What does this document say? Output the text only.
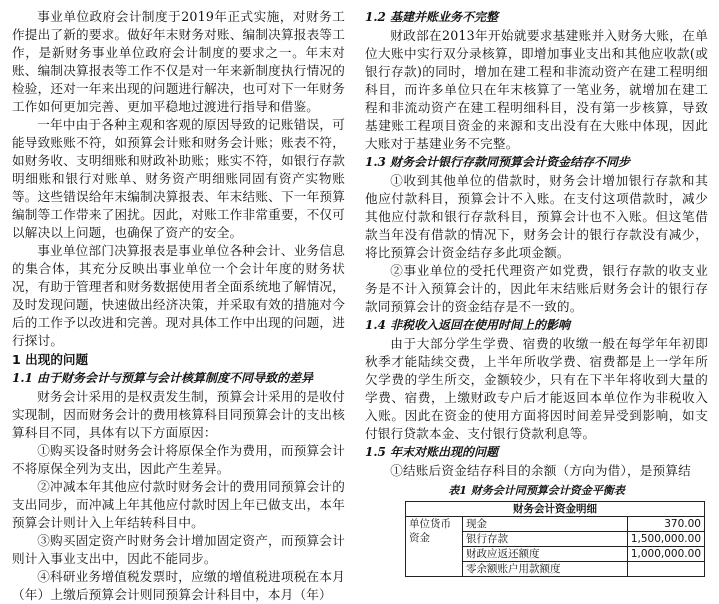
事业单位政府会计制度于2019年正式实施，对财务工作提出了新的要求。做好年末财务对账、编制决算报表等工作，是新财务事业单位政府会计制度的要求之一。年末对账、编制决算报表等工作不仅是对一年来新制度执行情况的检验，还对一年来出现的问题进行解决，也可对下一年财务工作如何更加完善、更加平稳地过渡进行指导和借鉴。

一年中由于各种主观和客观的原因导致的记账错误，可能导致账账不符，如预算会计账和财务会计账；账表不符，如财务收、支明细账和财政补助账；账实不符，如银行存款明细账和银行对账单、财务资产明细账同固有资产实物账等。这些错误给年末编制决算报表、年末结账、下一年预算编制等工作带来了困扰。因此，对账工作非常重要，不仅可以解决以上问题，也确保了资产的安全。

事业单位部门决算报表是事业单位各种会计、业务信息的集合体，其充分反映出事业单位一个会计年度的财务状况，有助于管理者和财务数据使用者全面系统地了解情况，及时发现问题，快速做出经济决策，并采取有效的措施对今后的工作予以改进和完善。现对具体工作中出现的问题，进行探讨。

1 出现的问题
1.1 由于财务会计与预算与会计核算制度不同导致的差异

财务会计采用的是权责发生制，预算会计采用的是收付实现制，因而财务会计的费用核算科目同预算会计的支出核算科目不同，具体有以下方面原因：

①购买设备时财务会计将原保全作为费用，而预算会计不将原保全列为支出，因此产生差异。

②冲减本年其他应付款时财务会计的费用同预算会计的支出同步，而冲减上年其他应付款时因上年已做支出，本年预算会计则计入上年结转科目中。

③购买固定资产时财务会计增加固定资产，而预算会计则计入事业支出中，因此不能同步。

④科研业务增值税发票时，应缴的增值税进项税在本月（年）上缴后预算会计则同预算会计科目中，本月（年）

1.2 基建并账业务不完整

财政部在2013年开始就要求基建账并入财务大账，在单位大账中实行双分录核算，即增加事业支出和其他应收款(或银行存款)的同时，增加在建工程和非流动资产在建工程明细科目，而许多单位只在年末核算了一笔业务，就增加在建工程和非流动资产在建工程明细科目，没有第一步核算，导致基建账工程项目资金的来源和支出没有在大账中体现，因此大账对于基建业务不完整。

1.3 财务会计银行存款同预算会计资金结存不同步

①收到其他单位的借款时，财务会计增加银行存款和其他应付款科目，预算会计不入账。在支付这项借款时，减少其他应付款和银行存款科目，预算会计也不入账。但这笔借款当年没有借款的情况下，财务会计的银行存款没有减少，将比预算会计资金结存多此项金额。

②事业单位的受托代理资产如党费，银行存款的收支业务是不计入预算会计的，因此年末结账后财务会计的银行存款同预算会计的资金结存是不一致的。

1.4 非税收入返回在使用时间上的影响

由于大部分学生学费、宿费的收缴一般在每学年年初即秋季才能陆续交费，上半年所收学费、宿费都是上一学年所欠学费的学生所交，金额较少，只有在下半年将收到大量的学费、宿费，上缴财政专户后才能返回本单位作为非税收入入账。因此在资金的使用方面将因时间差异受到影响，如支付银行贷款本金、支付银行贷款利息等。

1.5 年末对账出现的问题

①结账后资金结存科目的余额（方向为借），是预算结

表1 财务会计同预算会计资金平衡表
财务会计资金明细		
单位货币资金	现金	370.00
	银行存款	1,500,000.00
	财政应返还额度	1,000,000.00
	零余额账户用款额度	
